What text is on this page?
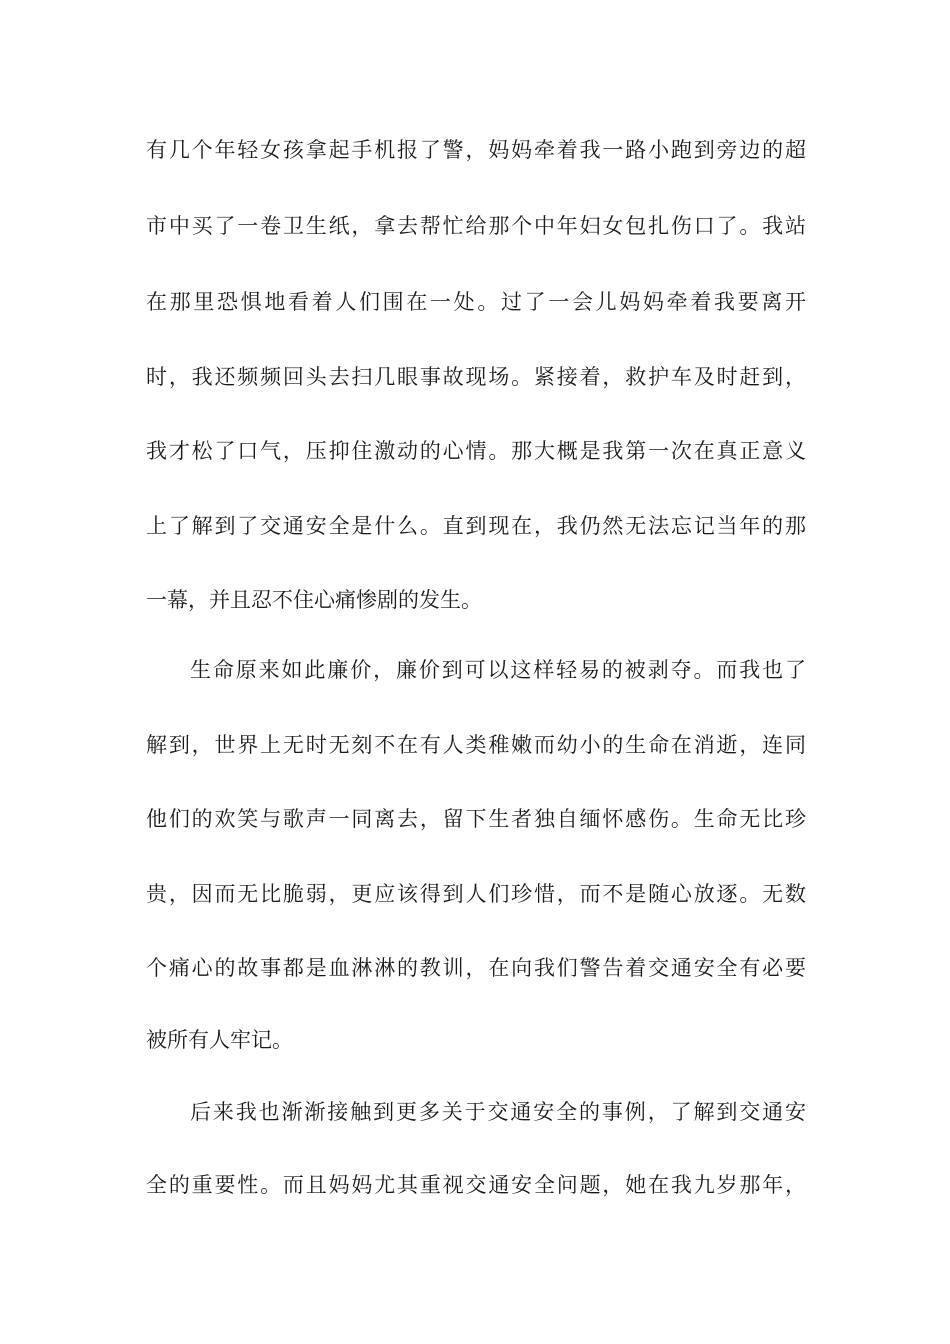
有几个年轻女孩拿起手机报了警，妈妈牵着我一路小跑到旁边的超
市中买了一卷卫生纸，拿去帮忙给那个中年妇女包扎伤口了。我站
在那里恐惧地看着人们围在一处。过了一会儿妈妈牵着我要离开
时，我还频频回头去扫几眼事故现场。紧接着，救护车及时赶到，
我才松了口气，压抑住激动的心情。那大概是我第一次在真正意义
上了解到了交通安全是什么。直到现在，我仍然无法忘记当年的那
一幕，并且忍不住心痛惨剧的发生。
生命原来如此廉价，廉价到可以这样轻易的被剥夺。而我也了
解到，世界上无时无刻不在有人类稚嫩而幼小的生命在消逝，连同
他们的欢笑与歌声一同离去，留下生者独自缅怀感伤。生命无比珍
贵，因而无比脆弱，更应该得到人们珍惜，而不是随心放逐。无数
个痛心的故事都是血淋淋的教训，在向我们警告着交通安全有必要
被所有人牢记。
后来我也渐渐接触到更多关于交通安全的事例，了解到交通安
全的重要性。而且妈妈尤其重视交通安全问题，她在我九岁那年，
